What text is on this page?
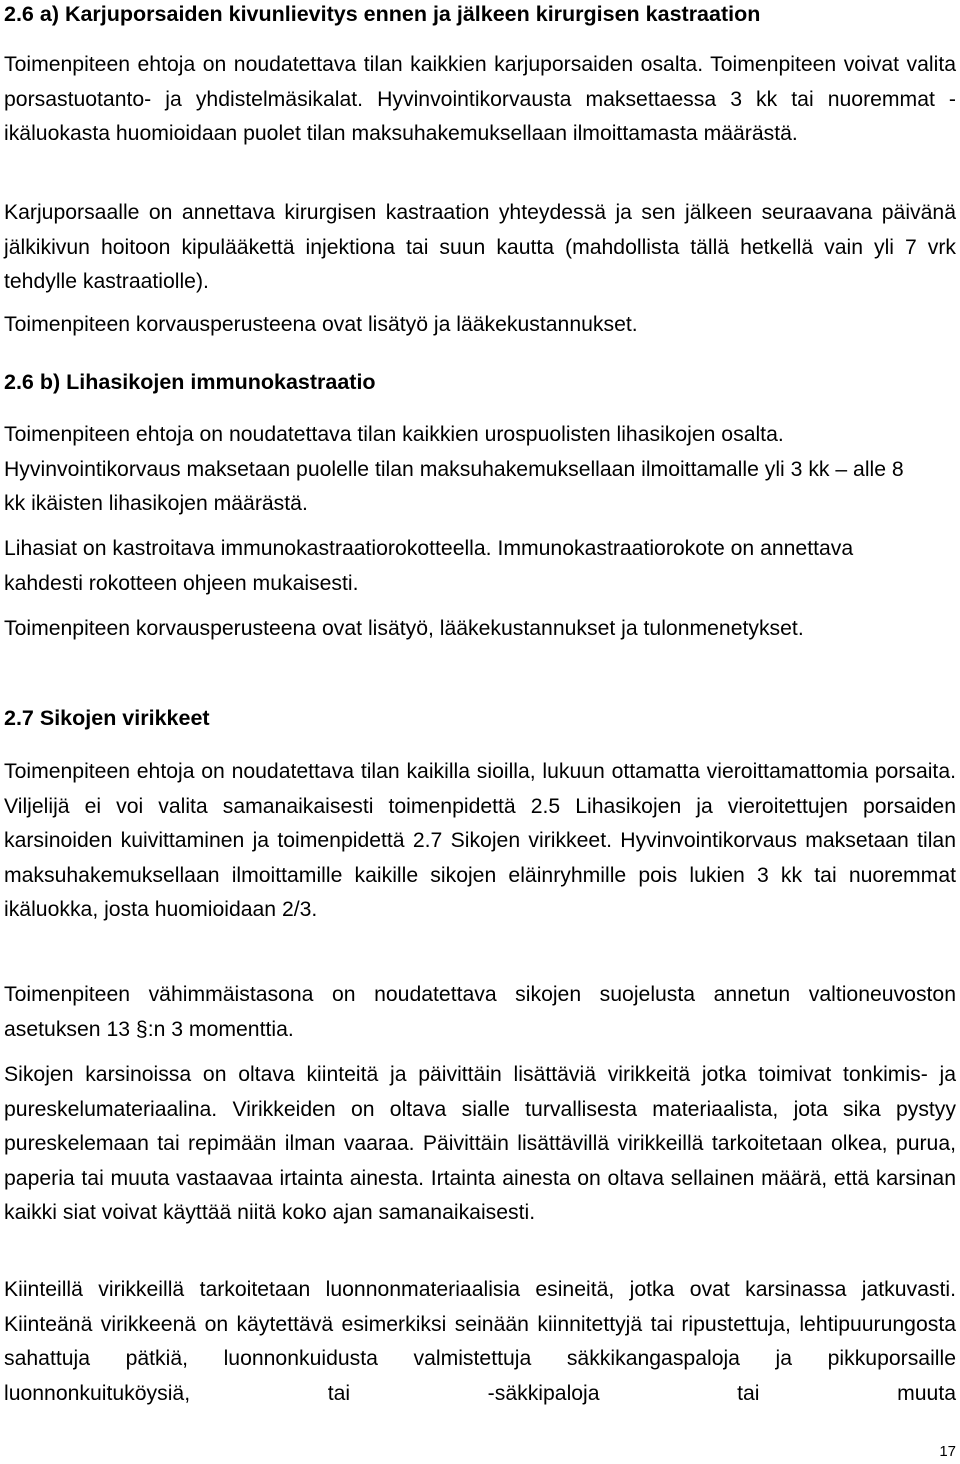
2.6 a) Karjuporsaiden kivunlievitys ennen ja jälkeen kirurgisen kastraation

Toimenpiteen ehtoja on noudatettava tilan kaikkien karjuporsaiden osalta. Toimenpiteen voivat valita porsastuotanto- ja yhdistelmäsikalat. Hyvinvointikorvausta maksettaessa 3 kk tai nuoremmat - ikäluokasta huomioidaan puolet tilan maksuhakemuksellaan ilmoittamasta määrästä.

Karjuporsaalle on annettava kirurgisen kastraation yhteydessä ja sen jälkeen seuraavana päivänä jälkikivun hoitoon kipulääkettä injektiona tai suun kautta (mahdollista tällä hetkellä vain yli 7 vrk tehdylle kastraatiolle).

Toimenpiteen korvausperusteena ovat lisätyö ja lääkekustannukset.

2.6 b) Lihasikojen immunokastraatio

Toimenpiteen ehtoja on noudatettava tilan kaikkien urospuolisten lihasikojen osalta. Hyvinvointikorvaus maksetaan puolelle tilan maksuhakemuksellaan ilmoittamalle yli 3 kk – alle 8 kk ikäisten lihasikojen määrästä.

Lihasiat on kastroitava immunokastraatiorokotteella. Immunokastraatiorokote on annettava kahdesti rokotteen ohjeen mukaisesti.

Toimenpiteen korvausperusteena ovat lisätyö, lääkekustannukset ja tulonmenetykset.

2.7 Sikojen virikkeet

Toimenpiteen ehtoja on noudatettava tilan kaikilla sioilla, lukuun ottamatta vieroittamattomia porsaita. Viljelijä ei voi valita samanaikaisesti toimenpidettä 2.5 Lihasikojen ja vieroitettujen porsaiden karsinoiden kuivittaminen ja toimenpidettä 2.7 Sikojen virikkeet. Hyvinvointikorvaus maksetaan tilan maksuhakemuksellaan ilmoittamille kaikille sikojen eläinryhmille pois lukien 3 kk tai nuoremmat ikäluokka, josta huomioidaan 2/3.

Toimenpiteen vähimmäistasona on noudatettava sikojen suojelusta annetun valtioneuvoston asetuksen 13 §:n 3 momenttia.

Sikojen karsinoissa on oltava kiinteitä ja päivittäin lisättäviä virikkeitä jotka toimivat tonkimis- ja pureskelumateriaalina. Virikkeiden on oltava sialle turvallisesta materiaalista, jota sika pystyy pureskelemaan tai repimään ilman vaaraa. Päivittäin lisättävillä virikkeillä tarkoitetaan olkea, purua, paperia tai muuta vastaavaa irtainta ainesta. Irtainta ainesta on oltava sellainen määrä, että karsinan kaikki siat voivat käyttää niitä koko ajan samanaikaisesti.

Kiinteillä virikkeillä tarkoitetaan luonnonmateriaalisia esineitä, jotka ovat karsinassa jatkuvasti. Kiinteänä virikkeenä on käytettävä esimerkiksi seinään kiinnitettyjä tai ripustettuja, lehtipuurungosta sahattuja pätkiä, luonnonkuidusta valmistettuja säkkikangaspaloja ja pikkuporsaille luonnonkuituköysiä, tai -säkkipaloja tai muuta

17
